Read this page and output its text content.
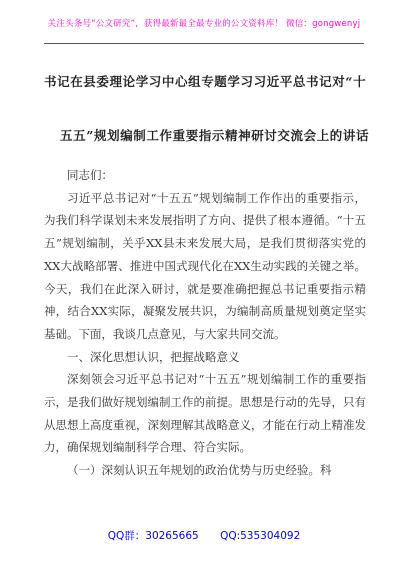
关注头条号“公文研究”，获得最新最全最专业的公文资料库！ 微信：gongwenyj
书记在县委理论学习中心组专题学习习近平总书记对“十
五五”规划编制工作重要指示精神研讨交流会上的讲话

同志们：

习近平总书记对“十五五”规划编制工作作出的重要指示，为我们科学谋划未来发展指明了方向、提供了根本遵循。“十五五”规划编制，关乎XX县未来发展大局，是我们贯彻落实党的XX大战略部署、推进中国式现代化在XX生动实践的关键之举。今天，我们在此深入研讨，就是要准确把握总书记重要指示精神，结合XX实际，凝聚发展共识，为编制高质量规划奠定坚实基础。下面，我谈几点意见，与大家共同交流。

一、深化思想认识，把握战略意义

深刻领会习近平总书记对“十五五”规划编制工作的重要指示，是我们做好规划编制工作的前提。思想是行动的先导，只有从思想上高度重视，深刻理解其战略意义，才能在行动上精准发力，确保规划编制科学合理、符合实际。

（一）深刻认识五年规划的政治优势与历史经验。科

QQ群：30265665 QQ:535304092
